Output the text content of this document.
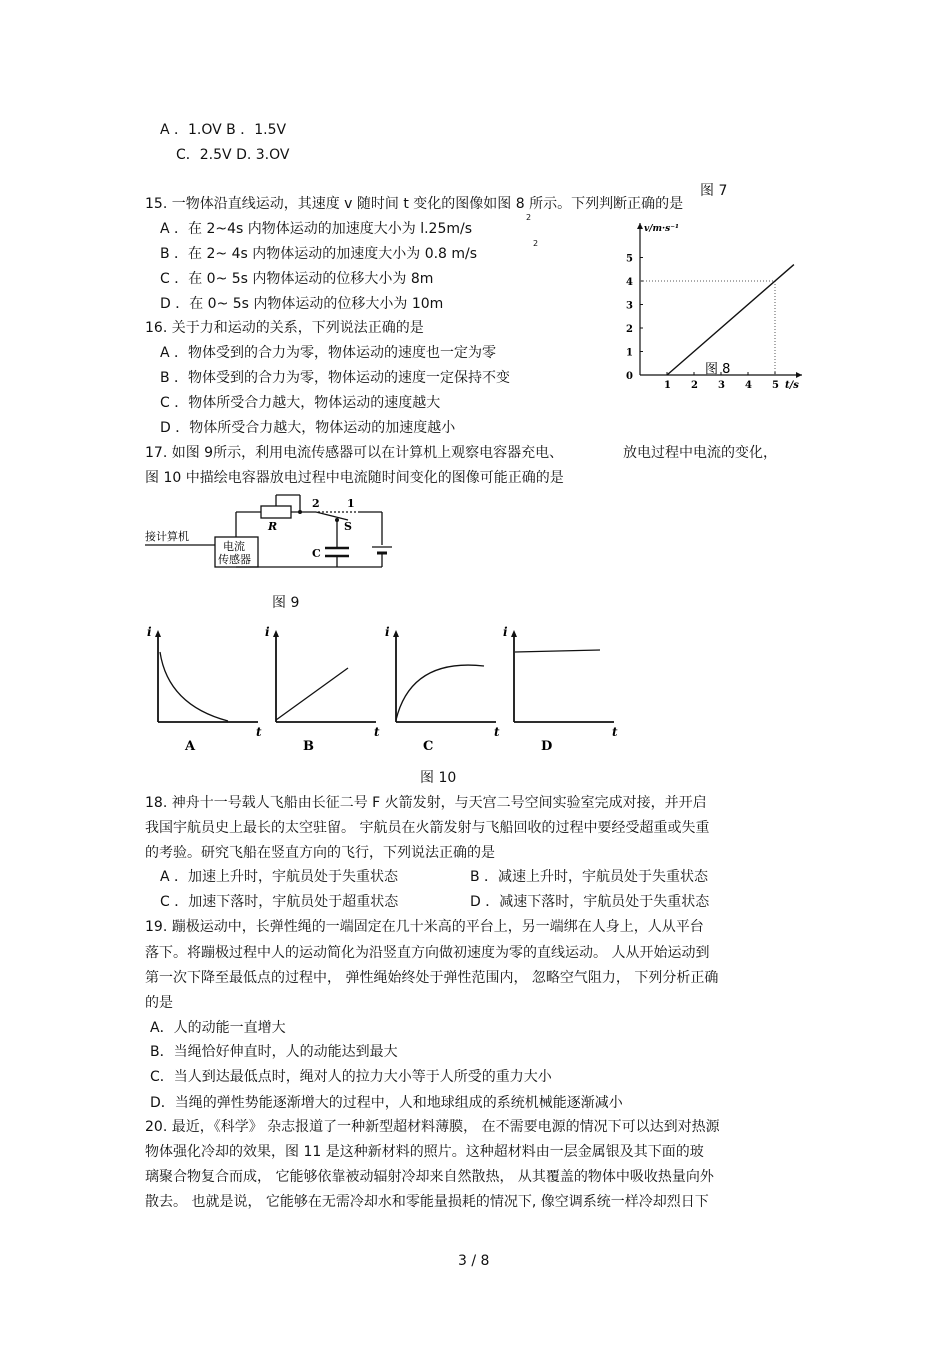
A ．1.OV B ．1.5V
C．2.5V D. 3.OV
图 7
15. 一物体沿直线运动，其速度 v 随时间 t 变化的图像如图 8 所示。下列判断正确的是
A ．在 2~4s 内物体运动的加速度大小为 l.25m/s
2
B ．在 2~ 4s 内物体运动的加速度大小为 0.8 m/s
2
C ．在 0~ 5s 内物体运动的位移大小为 8m
D ．在 0~ 5s 内物体运动的位移大小为 10m
1 2 3 4 5
1
2
3
4
5
0
v/m·s⁻¹
t/s
图 8
16. 关于力和运动的关系，下列说法正确的是
A ．物体受到的合力为零，物体运动的速度也一定为零
B ．物体受到的合力为零，物体运动的速度一定保持不变
C ．物体所受合力越大，物体运动的速度越大
D ．物体所受合力越大，物体运动的加速度越小
17. 如图 9所示，利用电流传感器可以在计算机上观察电容器充电、	放电过程中电流的变化，
图 10 中描绘电容器放电过程中电流随时间变化的图像可能正确的是
接计算机
电流
传感器
R
2 1
S
C
图 9
i
t
A
i
t
B
i
t
C
i
t
D
图 10
18. 神舟十一号载人飞船由长征二号 F 火箭发射，与天宫二号空间实验室完成对接，并开启
我国宇航员史上最长的太空驻留。 宇航员在火箭发射与飞船回收的过程中要经受超重或失重
的考验。研究飞船在竖直方向的飞行，下列说法正确的是
A ．加速上升时，宇航员处于失重状态	B ．减速上升时，宇航员处于失重状态
C ．加速下落时，宇航员处于超重状态	D ．减速下落时，宇航员处于失重状态
19. 蹦极运动中，长弹性绳的一端固定在几十米高的平台上，另一端绑在人身上，人从平台
落下。将蹦极过程中人的运动简化为沿竖直方向做初速度为零的直线运动。 人从开始运动到
第一次下降至最低点的过程中， 弹性绳始终处于弹性范围内， 忽略空气阻力， 下列分析正确
的是
A．人的动能一直增大
B．当绳恰好伸直时，人的动能达到最大
C．当人到达最低点时，绳对人的拉力大小等于人所受的重力大小
D．当绳的弹性势能逐渐增大的过程中，人和地球组成的系统机械能逐渐减小
20. 最近，《科学》 杂志报道了一种新型超材料薄膜， 在不需要电源的情况下可以达到对热源
物体强化冷却的效果，图 11 是这种新材料的照片。这种超材料由一层金属银及其下面的玻
璃聚合物复合而成， 它能够依靠被动辐射冷却来自然散热， 从其覆盖的物体中吸收热量向外
散去。 也就是说， 它能够在无需冷却水和零能量损耗的情况下, 像空调系统一样冷却烈日下
3 / 8
